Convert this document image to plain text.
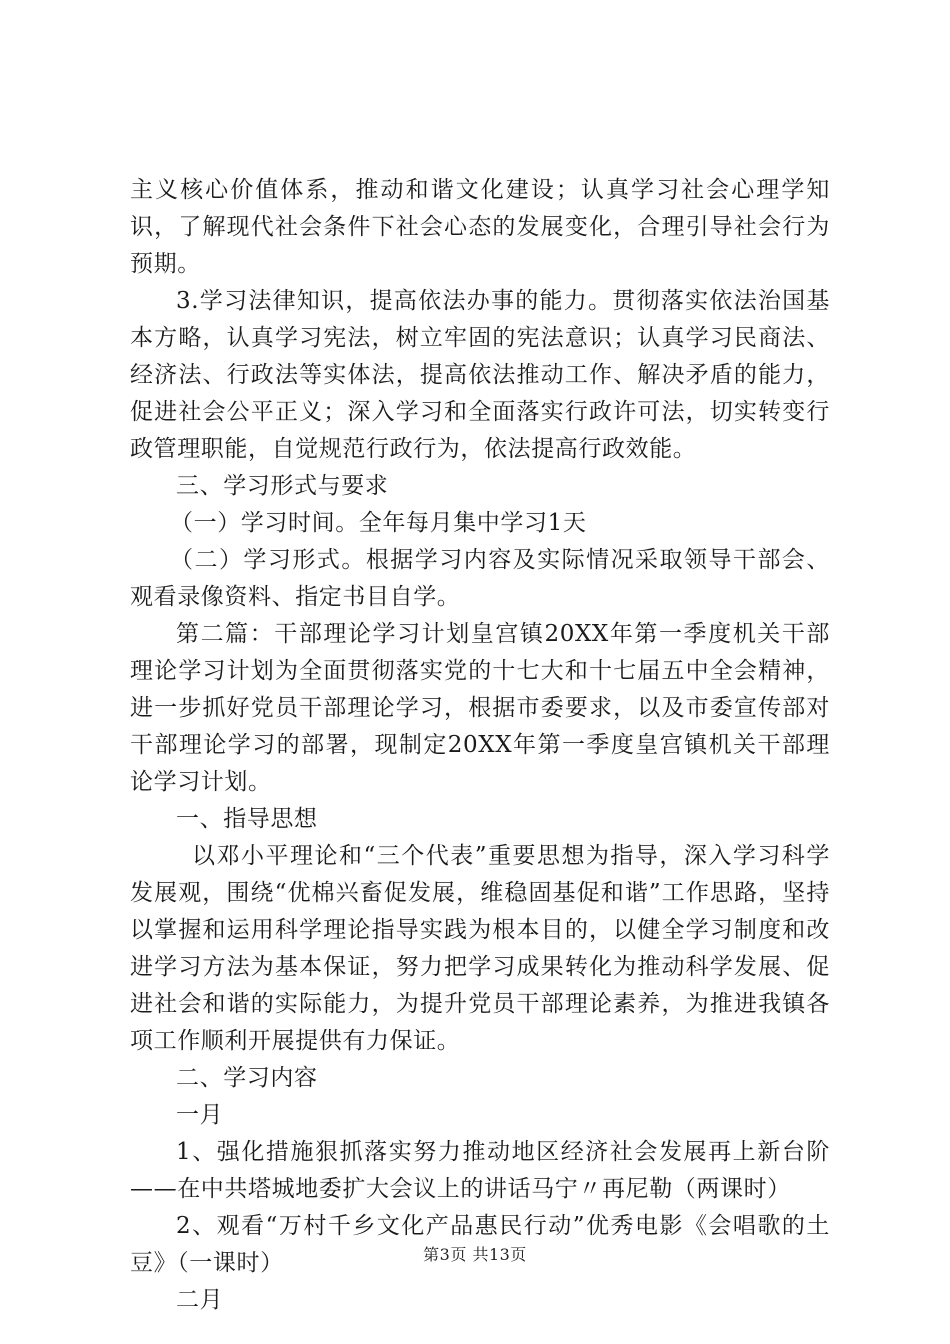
主义核心价值体系，推动和谐文化建设；认真学习社会心理学知识，了解现代社会条件下社会心态的发展变化，合理引导社会行为预期。

3.学习法律知识，提高依法办事的能力。贯彻落实依法治国基本方略，认真学习宪法，树立牢固的宪法意识；认真学习民商法、经济法、行政法等实体法，提高依法推动工作、解决矛盾的能力，促进社会公平正义；深入学习和全面落实行政许可法，切实转变行政管理职能，自觉规范行政行为，依法提高行政效能。

三、学习形式与要求

（一）学习时间。全年每月集中学习1天

（二）学习形式。根据学习内容及实际情况采取领导干部会、观看录像资料、指定书目自学。

第二篇：干部理论学习计划皇宫镇20XX年第一季度机关干部理论学习计划为全面贯彻落实党的十七大和十七届五中全会精神，进一步抓好党员干部理论学习，根据市委要求，以及市委宣传部对干部理论学习的部署，现制定20XX年第一季度皇宫镇机关干部理论学习计划。

一、指导思想

以邓小平理论和“三个代表”重要思想为指导，深入学习科学发展观，围绕“优棉兴畜促发展，维稳固基促和谐”工作思路，坚持以掌握和运用科学理论指导实践为根本目的，以健全学习制度和改进学习方法为基本保证，努力把学习成果转化为推动科学发展、促进社会和谐的实际能力，为提升党员干部理论素养，为推进我镇各项工作顺利开展提供有力保证。

二、学习内容

一月

1、强化措施狠抓落实努力推动地区经济社会发展再上新台阶——在中共塔城地委扩大会议上的讲话马宁〃再尼勒（两课时）

2、观看“万村千乡文化产品惠民行动”优秀电影《会唱歌的土豆》（一课时）

二月

第3页 共13页
